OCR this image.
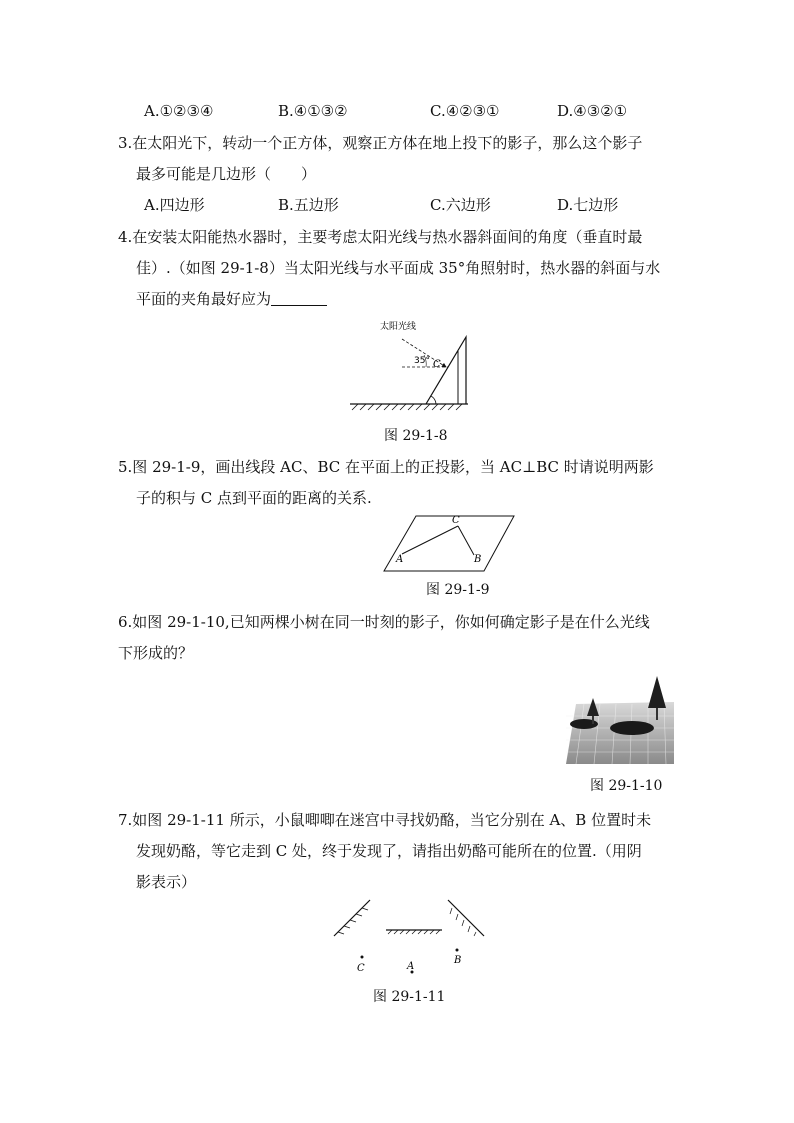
A.①②③④	B.④①③②	C.④②③①	D.④③②①
3.在太阳光下，转动一个正方体，观察正方体在地上投下的影子，那么这个影子
最多可能是几边形（　　）
A.四边形	B.五边形	C.六边形	D.七边形
4.在安装太阳能热水器时，主要考虑太阳光线与热水器斜面间的角度（垂直时最
佳）.（如图 29-1-8）当太阳光线与水平面成 35°角照射时，热水器的斜面与水
平面的夹角最好应为
太阳光线
35° C
图 29-1-8
5.图 29-1-9，画出线段 AC、BC 在平面上的正投影，当 AC⊥BC 时请说明两影
子的积与 C 点到平面的距离的关系.
A	B
C
图 29-1-9
6.如图 29-1-10,已知两棵小树在同一时刻的影子，你如何确定影子是在什么光线
下形成的？
图 29-1-10
7.如图 29-1-11 所示，小鼠唧唧在迷宫中寻找奶酪，当它分别在 A、B 位置时未
发现奶酪，等它走到 C 处，终于发现了，请指出奶酪可能所在的位置.（用阴
影表示）
C	A
B
图 29-1-11
